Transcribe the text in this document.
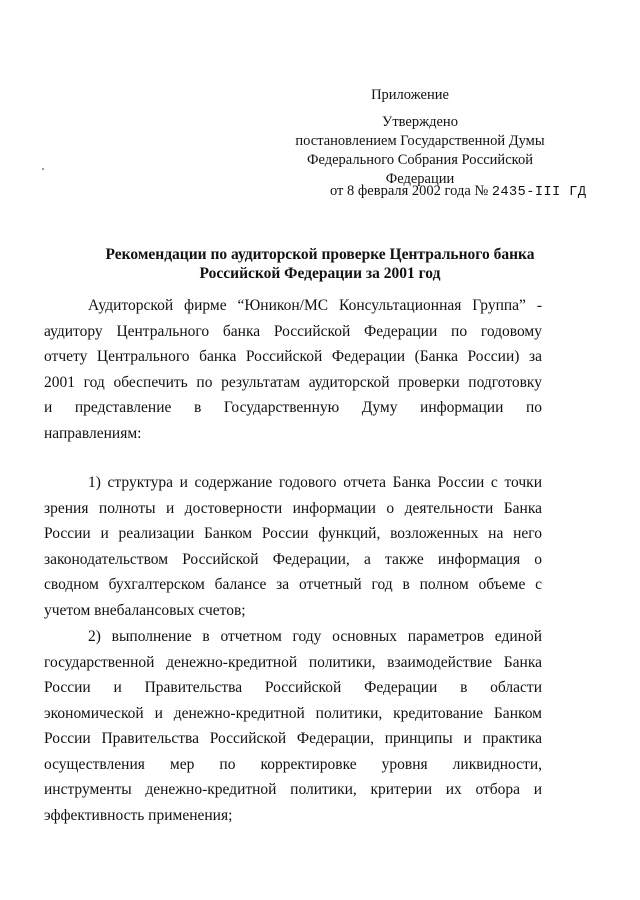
Приложение
Утверждено
постановлением Государственной Думы
Федерального Собрания Российской
Федерации
от 8 февраля 2002 года № 2435-III ГД
Рекомендации по аудиторской проверке Центрального банка
Российской Федерации за 2001 год
Аудиторской фирме “Юникон/МС Консультационная Группа” -
аудитору Центрального банка Российской Федерации по годовому
отчету Центрального банка Российской Федерации (Банка России) за
2001 год обеспечить по результатам аудиторской проверки подготовку
и представление в Государственную Думу информации по
направлениям:
1) структура и содержание годового отчета Банка России с точки
зрения полноты и достоверности информации о деятельности Банка
России и реализации Банком России функций, возложенных на него
законодательством Российской Федерации, а также информация о
сводном бухгалтерском балансе за отчетный год в полном объеме с
учетом внебалансовых счетов;
2) выполнение в отчетном году основных параметров единой
государственной денежно-кредитной политики, взаимодействие Банка
России и Правительства Российской Федерации в области
экономической и денежно-кредитной политики, кредитование Банком
России Правительства Российской Федерации, принципы и практика
осуществления мер по корректировке уровня ликвидности,
инструменты денежно-кредитной политики, критерии их отбора и
эффективность применения;
